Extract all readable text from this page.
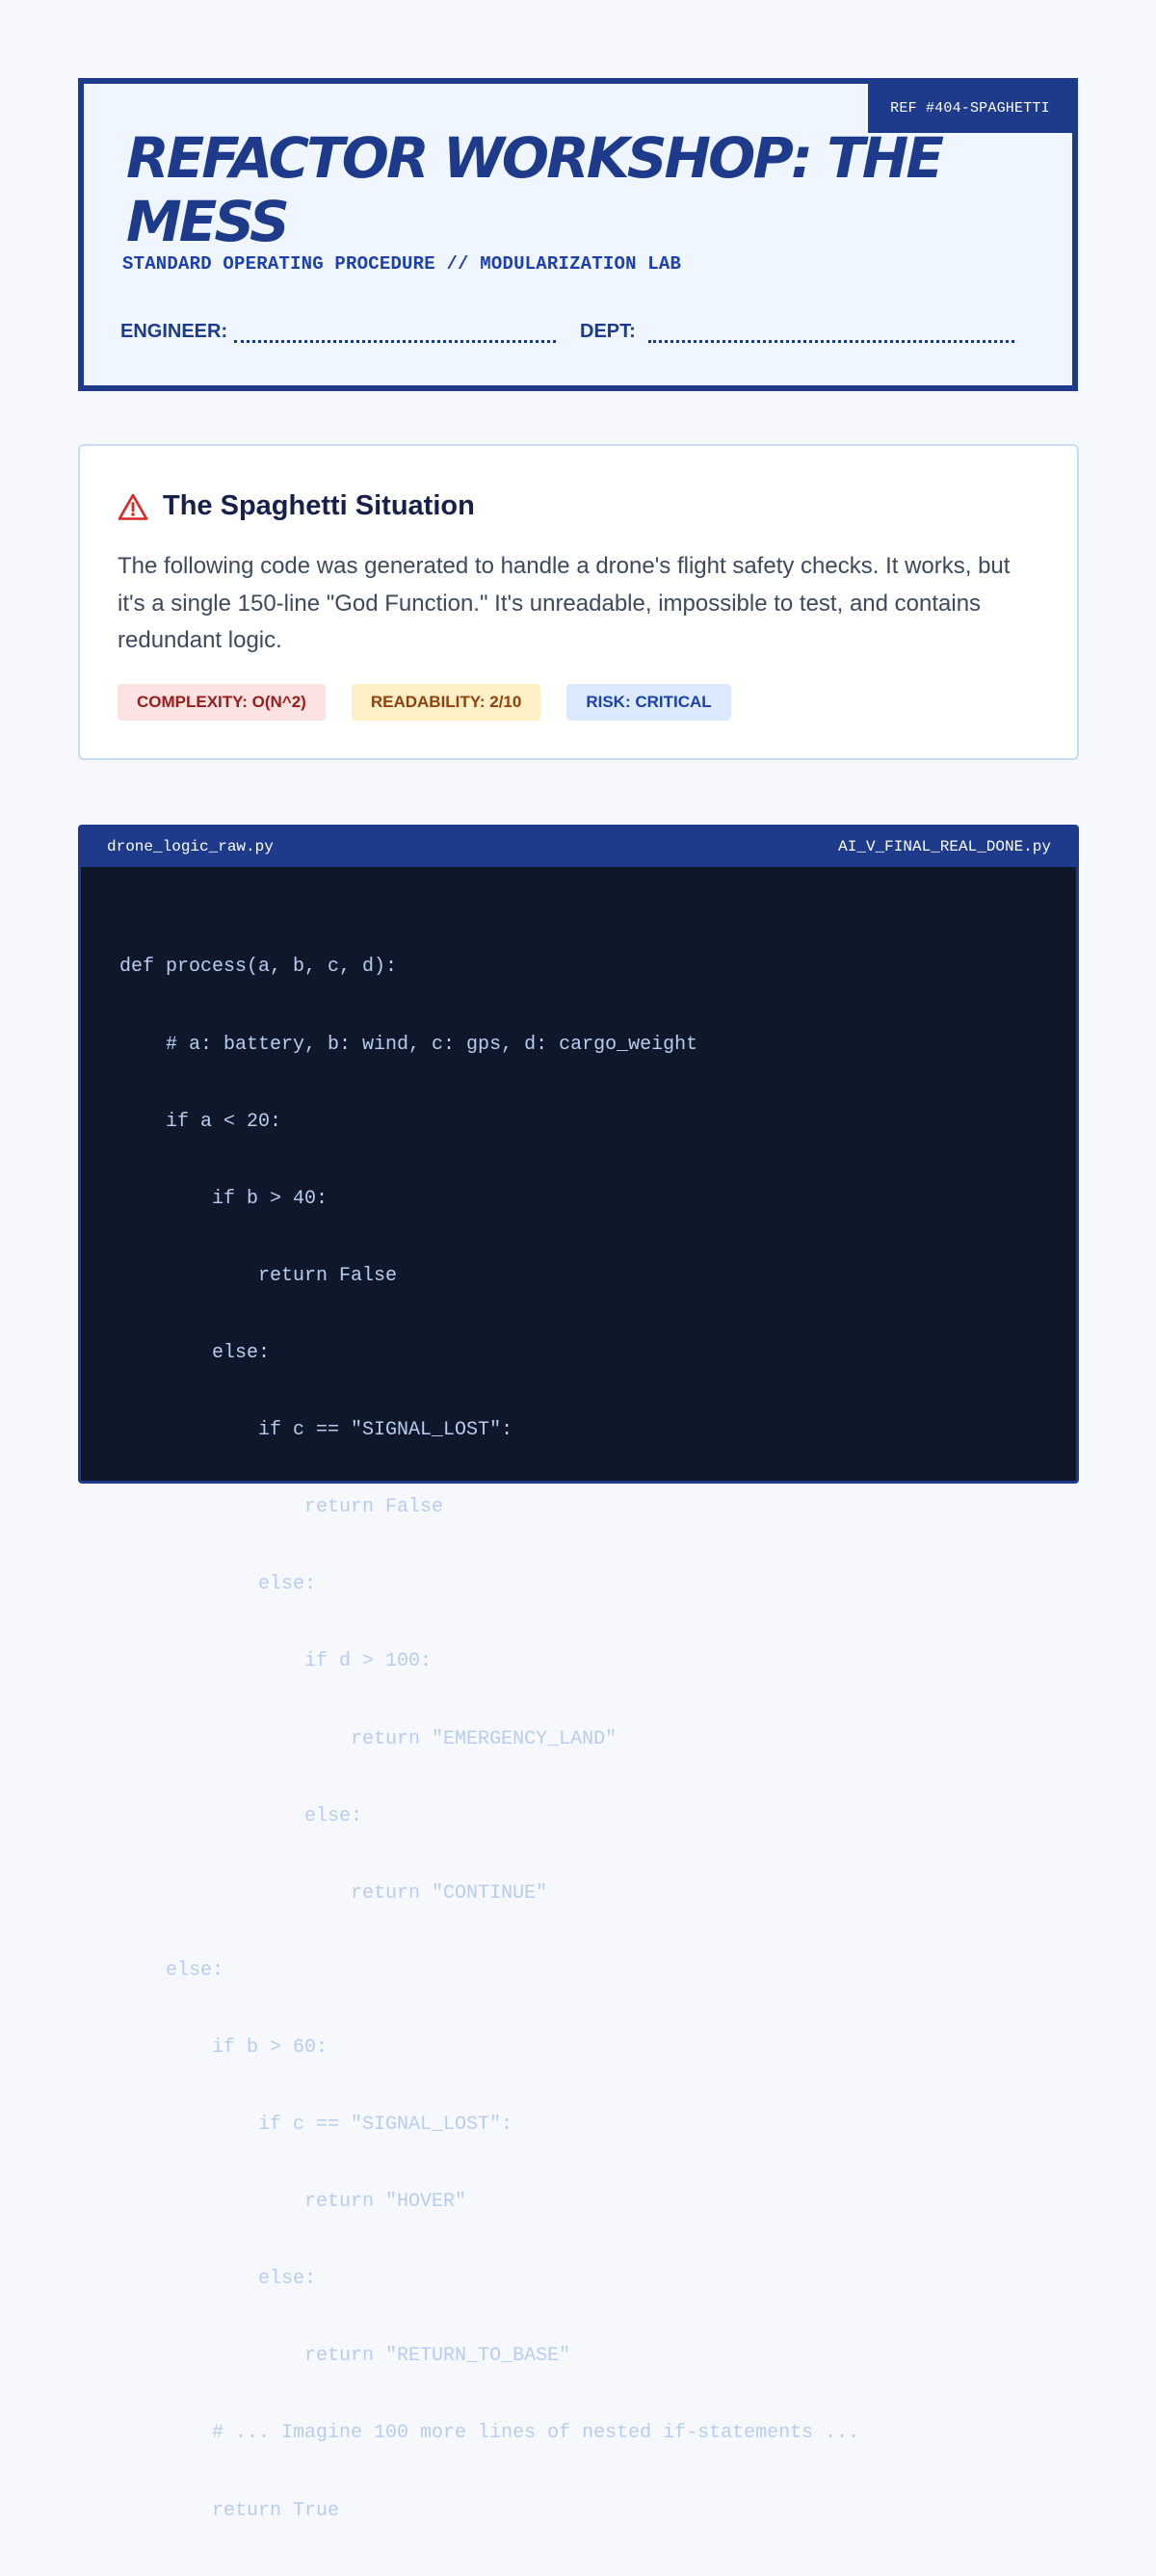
REF #404-SPAGHETTI
REFACTOR WORKSHOP: THE MESS
STANDARD OPERATING PROCEDURE // MODULARIZATION LAB
ENGINEER:	DEPT:
The Spaghetti Situation

The following code was generated to handle a drone's flight safety checks. It works, but it's a single 150-line "God Function." It's unreadable, impossible to test, and contains redundant logic.

COMPLEXITY: O(N^2)	READABILITY: 2/10	RISK: CRITICAL
drone_logic_raw.py	AI_V_FINAL_REAL_DONE.py

def process(a, b, c, d):

# a: battery, b: wind, c: gps, d: cargo_weight

if a < 20:

if b > 40:

return False

else:

if c == "SIGNAL_LOST":

return False

else:

if d > 100:

return "EMERGENCY_LAND"

else:

return "CONTINUE"

else:

if b > 60:

if c == "SIGNAL_LOST":

return "HOVER"

else:

return "RETURN_TO_BASE"

# ... Imagine 100 more lines of nested if-statements ...

return True
